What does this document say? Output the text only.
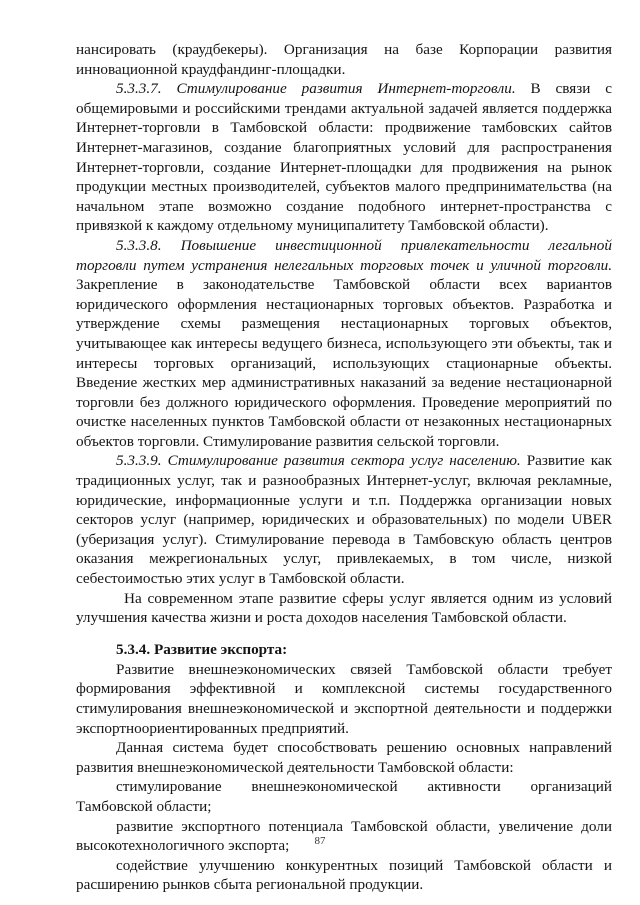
нансировать (краудбекеры). Организация на базе Корпорации развития инновационной краудфандинг-площадки.

5.3.3.7. Стимулирование развития Интернет-торговли. В связи с общемировыми и российскими трендами актуальной задачей является поддержка Интернет-торговли в Тамбовской области: продвижение тамбовских сайтов Интернет-магазинов, создание благоприятных условий для распространения Интернет-торговли, создание Интернет-площадки для продвижения на рынок продукции местных производителей, субъектов малого предпринимательства (на начальном этапе возможно создание подобного интернет-пространства с привязкой к каждому отдельному муниципалитету Тамбовской области).

5.3.3.8. Повышение инвестиционной привлекательности легальной торговли путем устранения нелегальных торговых точек и уличной торговли. Закрепление в законодательстве Тамбовской области всех вариантов юридического оформления нестационарных торговых объектов. Разработка и утверждение схемы размещения нестационарных торговых объектов, учитывающее как интересы ведущего бизнеса, использующего эти объекты, так и интересы торговых организаций, использующих стационарные объекты. Введение жестких мер административных наказаний за ведение нестационарной торговли без должного юридического оформления. Проведение мероприятий по очистке населенных пунктов Тамбовской области от незаконных нестационарных объектов торговли. Стимулирование развития сельской торговли.

5.3.3.9. Стимулирование развития сектора услуг населению. Развитие как традиционных услуг, так и разнообразных Интернет-услуг, включая рекламные, юридические, информационные услуги и т.п. Поддержка организации новых секторов услуг (например, юридических и образовательных) по модели UBER (уберизация услуг). Стимулирование перевода в Тамбовскую область центров оказания межрегиональных услуг, привлекаемых, в том числе, низкой себестоимостью этих услуг в Тамбовской области.

На современном этапе развитие сферы услуг является одним из условий улучшения качества жизни и роста доходов населения Тамбовской области.

5.3.4. Развитие экспорта:

Развитие внешнеэкономических связей Тамбовской области требует формирования эффективной и комплексной системы государственного стимулирования внешнеэкономической и экспортной деятельности и поддержки экспортноориентированных предприятий.

Данная система будет способствовать решению основных направлений развития внешнеэкономической деятельности Тамбовской области:

стимулирование внешнеэкономической активности организаций Тамбовской области;

развитие экспортного потенциала Тамбовской области, увеличение доли высокотехнологичного экспорта;

содействие улучшению конкурентных позиций Тамбовской области и расширению рынков сбыта региональной продукции.

87
